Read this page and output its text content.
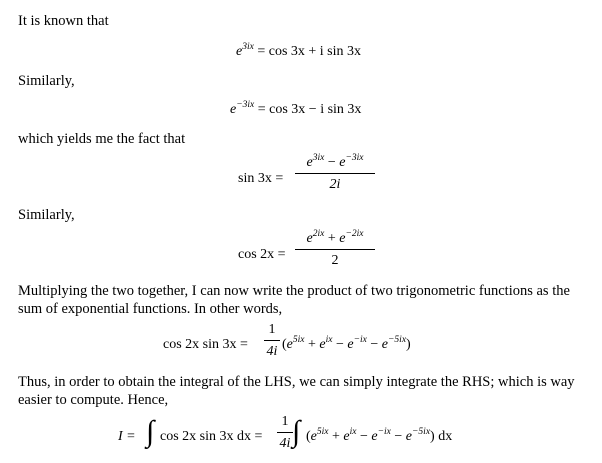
It is known that
$e^{3ix} = \cos 3x + i$ sin 3x
Similarly,
$e^{-3ix} = \cos 3x - i$ sin 3x
which yields me the fact that
sin 3x =
$e^{3ix} - e^{-3ix}$
2i
Similarly,
cos 2x =
$e^{2ix} + e^{-2ix}$
2
Multiplying the two together, I can now write the product of two trigonometric functions as the sum of exponential functions. In other words,
cos 2x sin 3x =
1
4i $(e^{5ix} + e^{ix} - e^{-ix} - e^{-5ix})$
Thus, in order to obtain the integral of the LHS, we can simply integrate the RHS; which is way easier to compute. Hence,
I = ∫ cos 2x sin 3x dx =
1
4i ∫ $(e^{5ix} + e^{ix} - e^{-ix} - e^{-5ix})$ dx
